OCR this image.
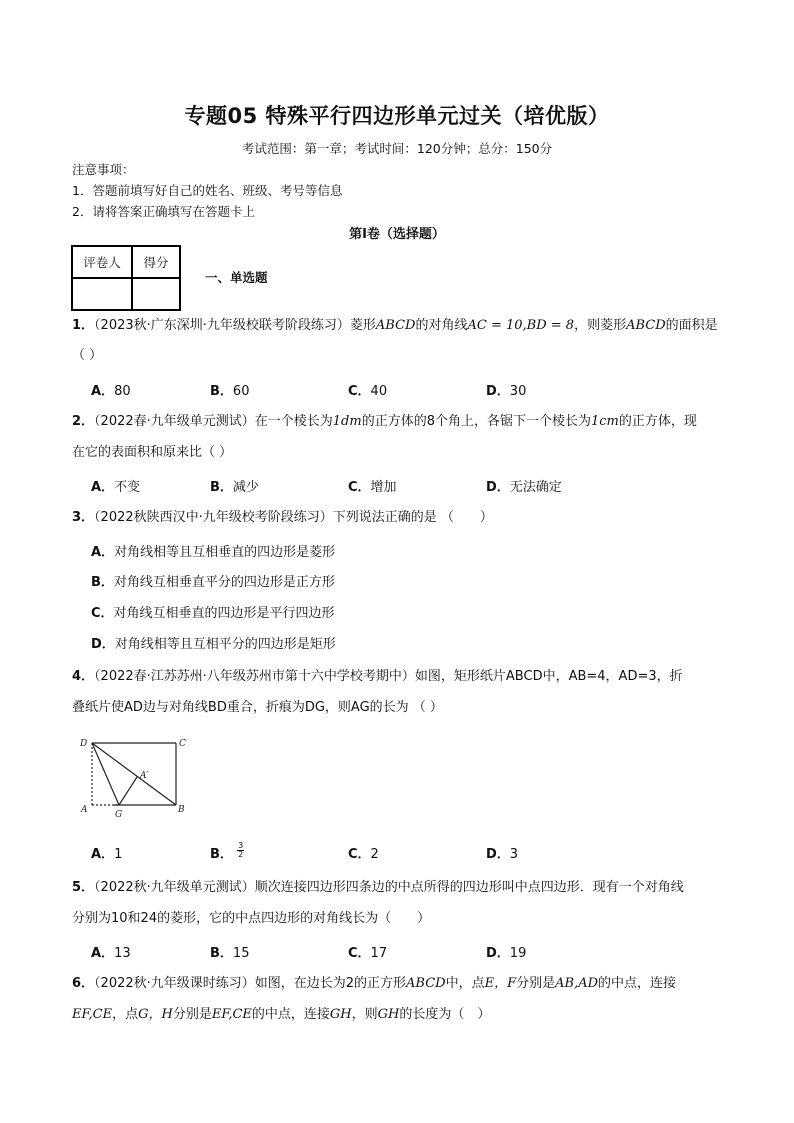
专题05 特殊平行四边形单元过关（培优版）
考试范围：第一章；考试时间：120分钟；总分：150分
注意事项：
1．答题前填写好自己的姓名、班级、考号等信息
2．请将答案正确填写在答题卡上
第I卷（选择题）
评卷人	得分

一、单选题
1．（2023秋·广东深圳·九年级校联考阶段练习）菱形ABCD的对角线AC = 10,BD = 8，则菱形ABCD的面积是
（ ）
A．80	B．60	C．40	D．30
2．（2022春·九年级单元测试）在一个棱长为1dm的正方体的8个角上，各锯下一个棱长为1cm的正方体，现
在它的表面积和原来比（ ）
A．不变	B．减少	C．增加	D．无法确定
3．（2022秋陕西汉中·九年级校考阶段练习）下列说法正确的是 （　　）
A．对角线相等且互相垂直的四边形是菱形
B．对角线互相垂直平分的四边形是正方形
C．对角线互相垂直的四边形是平行四边形
D．对角线相等且互相平分的四边形是矩形
4．（2022春·江苏苏州·八年级苏州市第十六中学校考期中）如图，矩形纸片ABCD中，AB=4，AD=3，折
叠纸片使AD边与对角线BD重合，折痕为DG，则AG的长为 （ ）
D	C
A′
A	G	B
A．1	B． $\frac{3}{2}$	C．2	D．3
5．（2022秋·九年级单元测试）顺次连接四边形四条边的中点所得的四边形叫中点四边形．现有一个对角线
分别为10和24的菱形，它的中点四边形的对角线长为（　　）
A．13	B．15	C．17	D．19
6．（2022秋·九年级课时练习）如图，在边长为2的正方形ABCD中，点E，F分别是AB,AD的中点，连接
EF,CE，点G，H分别是EF,CE的中点，连接GH，则GH的长度为（　）
